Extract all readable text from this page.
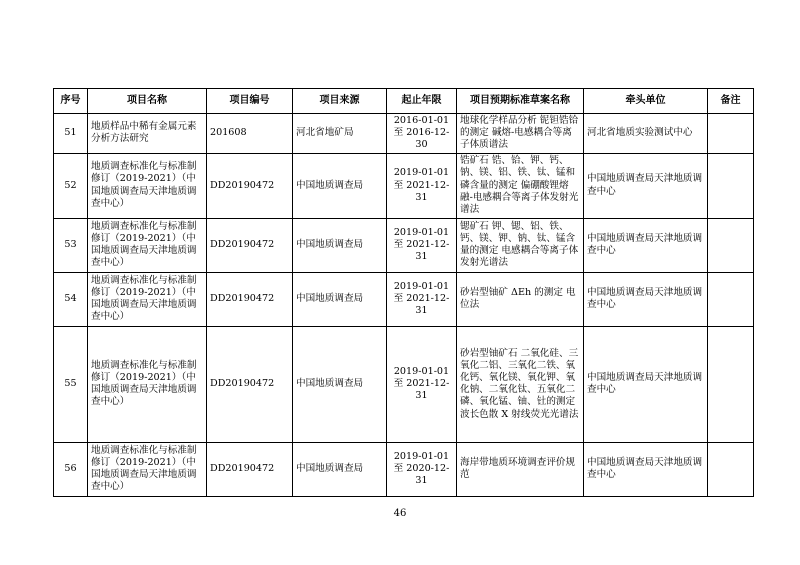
序号	项目名称	项目编号	项目来源	起止年限	项目预期标准草案名称	牵头单位	备注
51	地质样品中稀有金属元素分析方法研究	201608	河北省地矿局	2016-01-01 至 2016-12-30	地球化学样品分析 铌钽锆铪的测定 碱熔-电感耦合等离子体质谱法	河北省地质实验测试中心	
52	地质调查标准化与标准制修订（2019-2021）（中国地质调查局天津地质调查中心）	DD20190472	中国地质调查局	2019-01-01 至 2021-12-31	锆矿石 锆、铪、钾、钙、钠、镁、铝、铁、钛、锰和磷含量的测定 偏硼酸锂熔融-电感耦合等离子体发射光谱法	中国地质调查局天津地质调查中心	
53	地质调查标准化与标准制修订（2019-2021）（中国地质调查局天津地质调查中心）	DD20190472	中国地质调查局	2019-01-01 至 2021-12-31	锶矿石 钾、锶、铝、铁、钙、镁、钾、钠、钛、锰含量的测定 电感耦合等离子体发射光谱法	中国地质调查局天津地质调查中心	
54	地质调查标准化与标准制修订（2019-2021）（中国地质调查局天津地质调查中心）	DD20190472	中国地质调查局	2019-01-01 至 2021-12-31	砂岩型铀矿 ΔEh 的测定 电位法	中国地质调查局天津地质调查中心	
55	地质调查标准化与标准制修订（2019-2021）（中国地质调查局天津地质调查中心）	DD20190472	中国地质调查局	2019-01-01 至 2021-12-31	砂岩型铀矿石 二氧化硅、三氧化二铝、三氧化二铁、氧化钙、氧化镁、氧化钾、氧化钠、二氧化钛、五氧化二磷、氧化锰、铀、钍的测定 波长色散 X 射线荧光光谱法	中国地质调查局天津地质调查中心	
56	地质调查标准化与标准制修订（2019-2021）（中国地质调查局天津地质调查中心）	DD20190472	中国地质调查局	2019-01-01 至 2020-12-31	海岸带地质环境调查评价规范	中国地质调查局天津地质调查中心	
46
